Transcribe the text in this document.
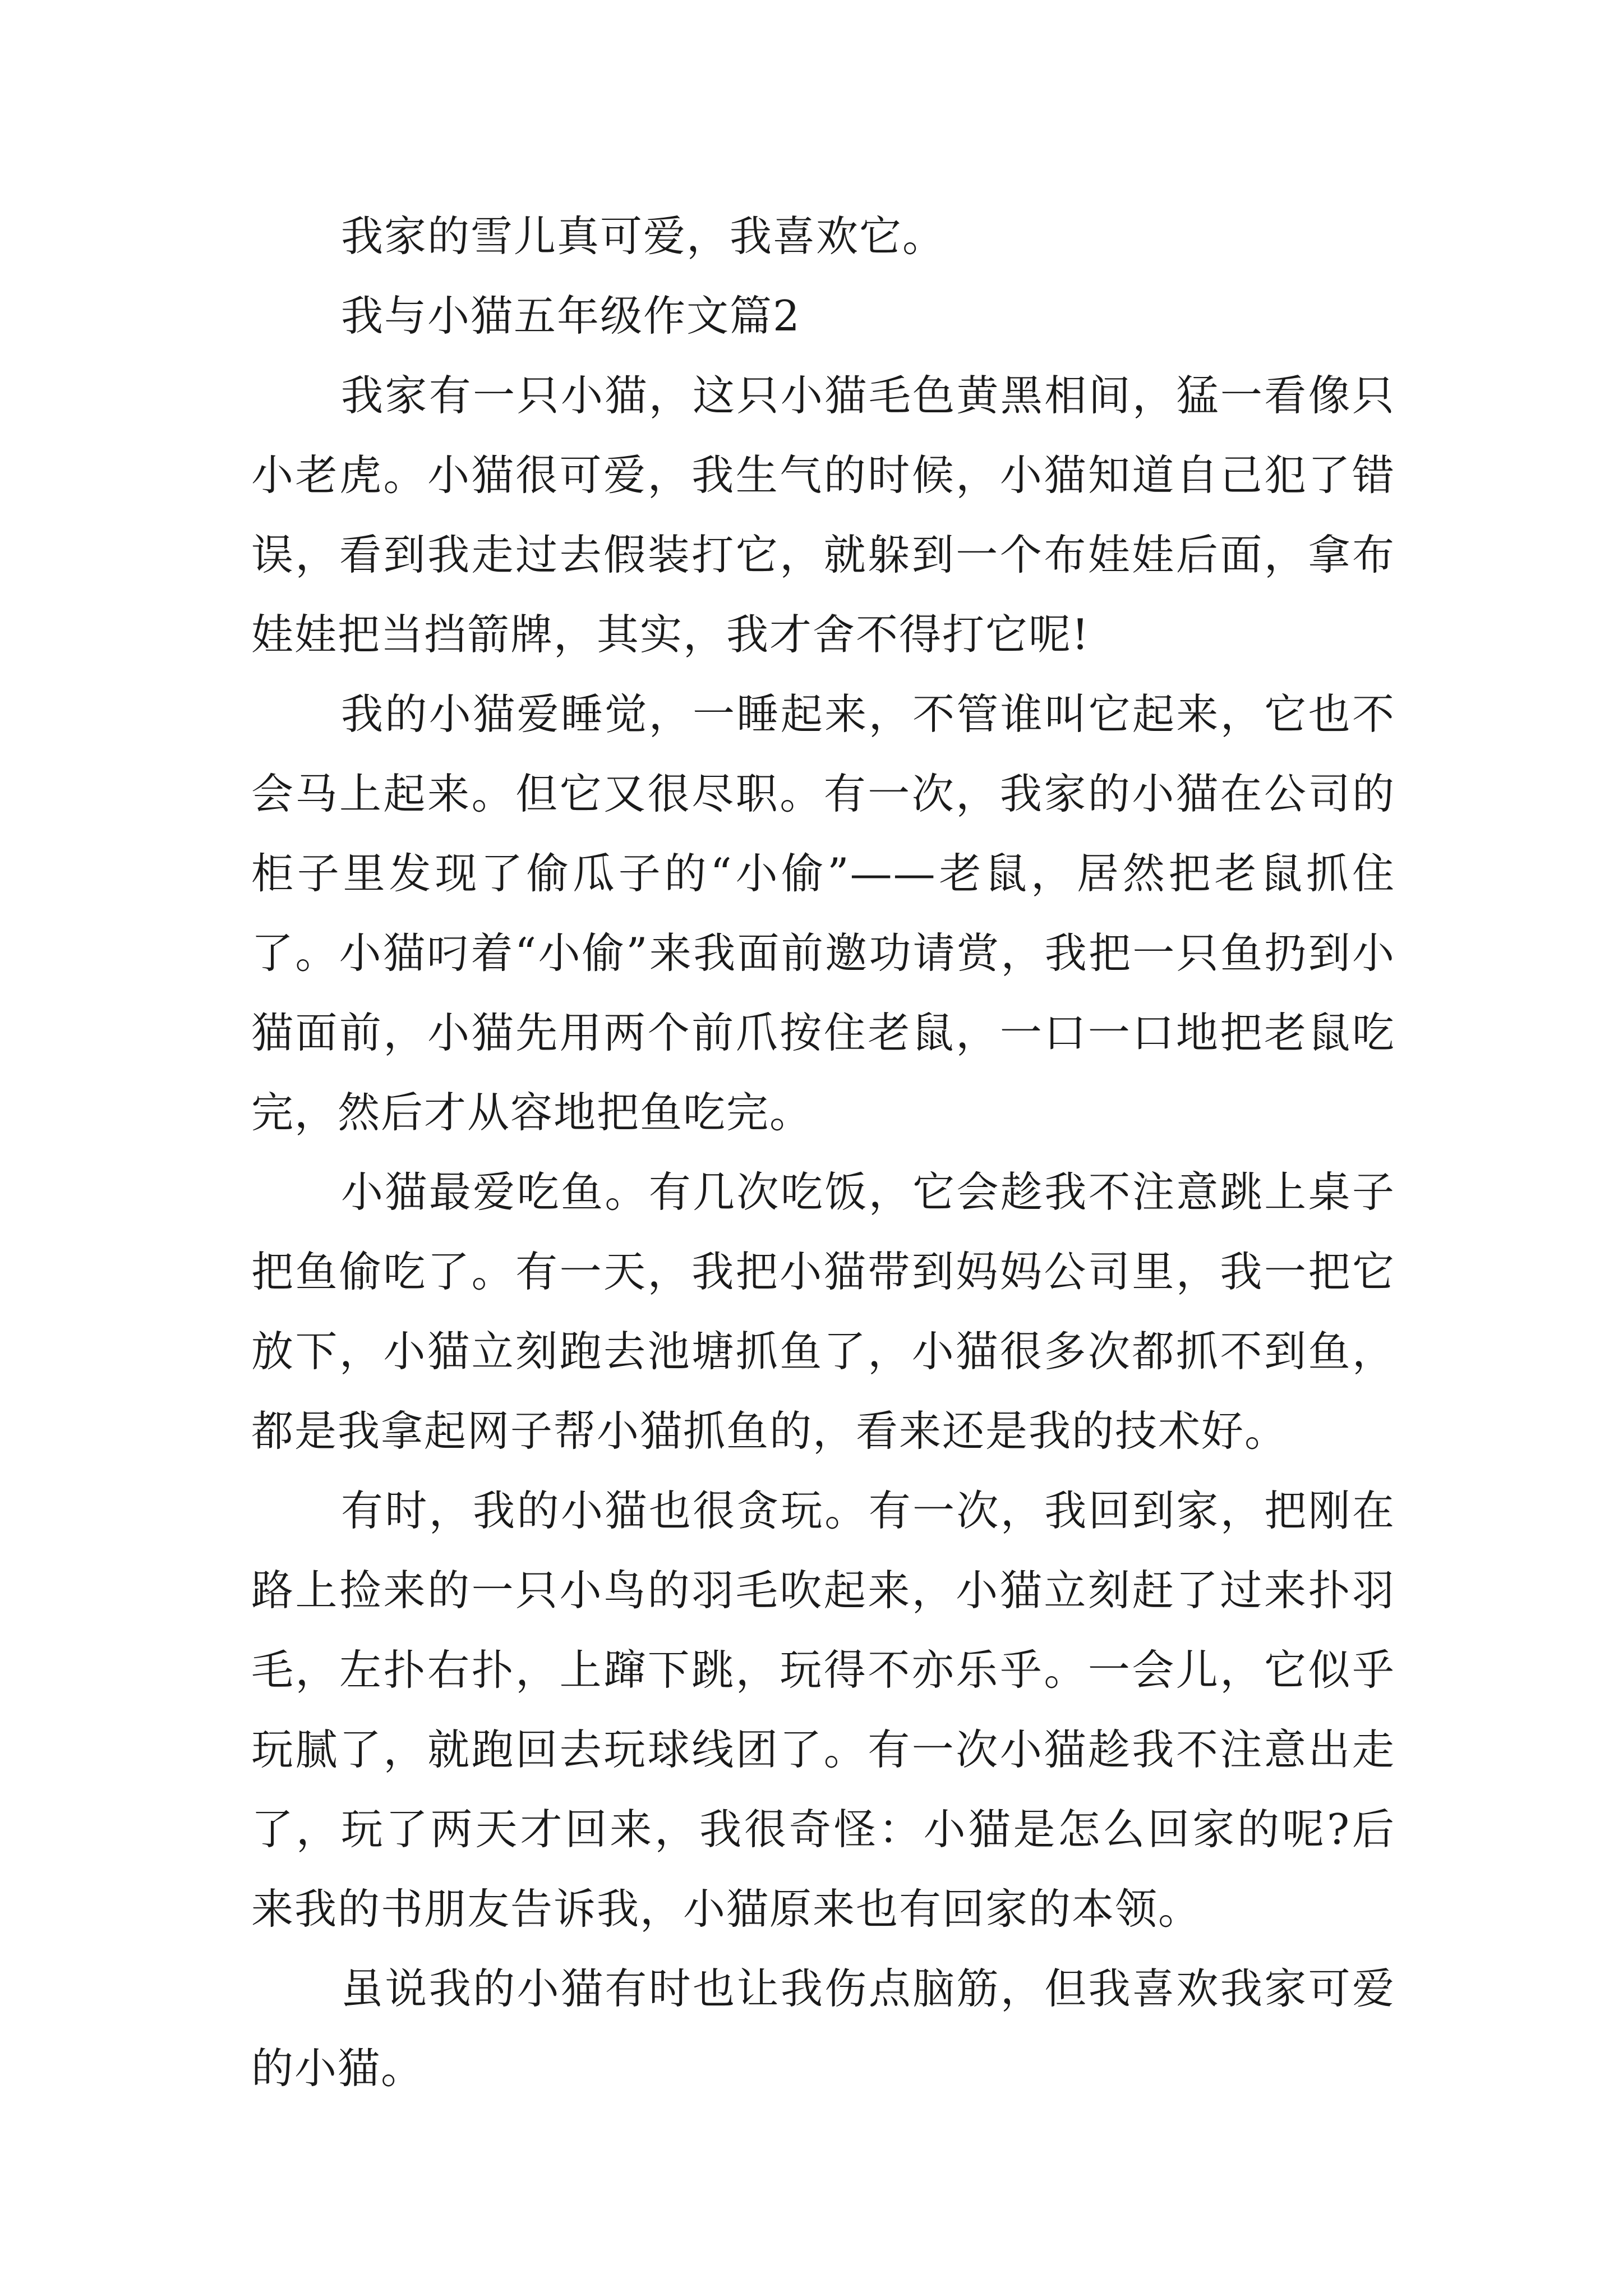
我家的雪儿真可爱，我喜欢它。

我与小猫五年级作文篇2

我家有一只小猫，这只小猫毛色黄黑相间，猛一看像只小老虎。小猫很可爱，我生气的时候，小猫知道自己犯了错误，看到我走过去假装打它，就躲到一个布娃娃后面，拿布娃娃把当挡箭牌，其实，我才舍不得打它呢!

我的小猫爱睡觉，一睡起来，不管谁叫它起来，它也不会马上起来。但它又很尽职。有一次，我家的小猫在公司的柜子里发现了偷瓜子的“小偷”——老鼠，居然把老鼠抓住了。小猫叼着“小偷”来我面前邀功请赏，我把一只鱼扔到小猫面前，小猫先用两个前爪按住老鼠，一口一口地把老鼠吃完，然后才从容地把鱼吃完。

小猫最爱吃鱼。有几次吃饭，它会趁我不注意跳上桌子把鱼偷吃了。有一天，我把小猫带到妈妈公司里，我一把它放下，小猫立刻跑去池塘抓鱼了，小猫很多次都抓不到鱼，都是我拿起网子帮小猫抓鱼的，看来还是我的技术好。

有时，我的小猫也很贪玩。有一次，我回到家，把刚在路上捡来的一只小鸟的羽毛吹起来，小猫立刻赶了过来扑羽毛，左扑右扑，上蹿下跳，玩得不亦乐乎。一会儿，它似乎玩腻了，就跑回去玩球线团了。有一次小猫趁我不注意出走了，玩了两天才回来，我很奇怪：小猫是怎么回家的呢?后来我的书朋友告诉我，小猫原来也有回家的本领。

虽说我的小猫有时也让我伤点脑筋，但我喜欢我家可爱的小猫。
